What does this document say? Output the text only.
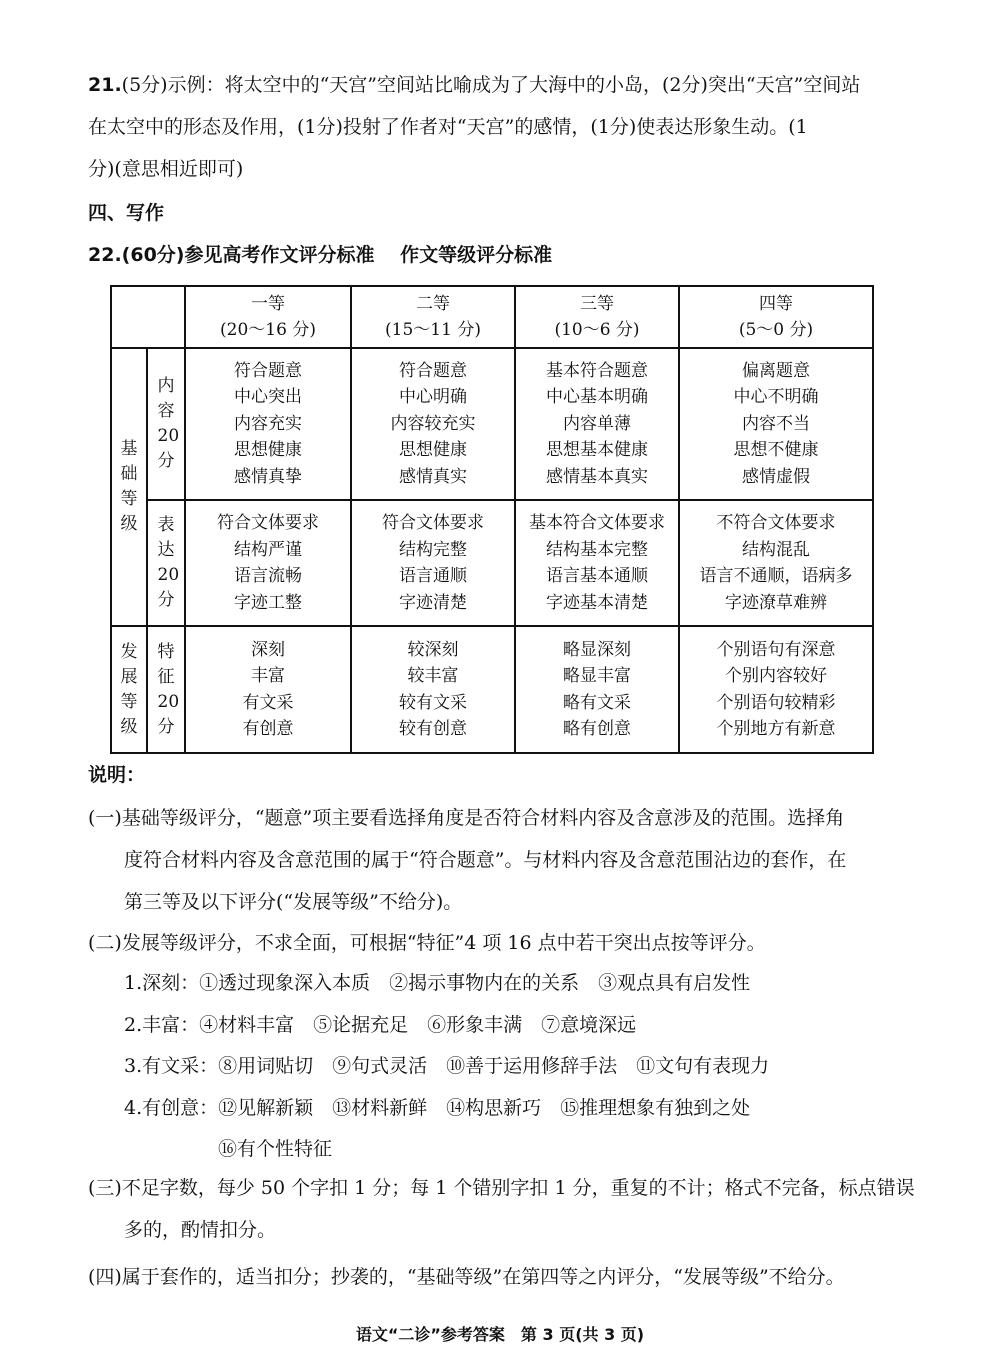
21.(5分)示例：将太空中的“天宫”空间站比喻成为了大海中的小岛，(2分)突出“天宫”空间站
在太空中的形态及作用，(1分)投射了作者对“天宫”的感情，(1分)使表达形象生动。(1
分)(意思相近即可)
四、写作
22.(60分)参见高考作文评分标准　 作文等级评分标准

		一等
(20～16 分)	二等
(15～11 分)	三等
(10～6 分)	四等
(5～0 分)

基础等级	内容20分	符合题意
中心突出
内容充实
思想健康
感情真挚	符合题意
中心明确
内容较充实
思想健康
感情真实	基本符合题意
中心基本明确
内容单薄
思想基本健康
感情基本真实	偏离题意
中心不明确
内容不当
思想不健康
感情虚假

	表达20分	符合文体要求
结构严谨
语言流畅
字迹工整	符合文体要求
结构完整
语言通顺
字迹清楚	基本符合文体要求
结构基本完整
语言基本通顺
字迹基本清楚	不符合文体要求
结构混乱
语言不通顺，语病多
字迹潦草难辨

发展等级	特征20分	深刻
丰富
有文采
有创意	较深刻
较丰富
较有文采
较有创意	略显深刻
略显丰富
略有文采
略有创意	个别语句有深意
个别内容较好
个别语句较精彩
个别地方有新意
说明：
(一)基础等级评分，“题意”项主要看选择角度是否符合材料内容及含意涉及的范围。选择角
度符合材料内容及含意范围的属于“符合题意”。与材料内容及含意范围沾边的套作，在
第三等及以下评分(“发展等级”不给分)。
(二)发展等级评分，不求全面，可根据“特征”4 项 16 点中若干突出点按等评分。
1.深刻：①透过现象深入本质　②揭示事物内在的关系　③观点具有启发性
2.丰富：④材料丰富　⑤论据充足　⑥形象丰满　⑦意境深远
3.有文采：⑧用词贴切　⑨句式灵活　⑩善于运用修辞手法　⑪文句有表现力
4.有创意：⑫见解新颖　⑬材料新鲜　⑭构思新巧　⑮推理想象有独到之处
⑯有个性特征
(三)不足字数，每少 50 个字扣 1 分；每 1 个错别字扣 1 分，重复的不计；格式不完备，标点错误
多的，酌情扣分。
(四)属于套作的，适当扣分；抄袭的，“基础等级”在第四等之内评分，“发展等级”不给分。
语文“二诊”参考答案　第 3 页(共 3 页)
